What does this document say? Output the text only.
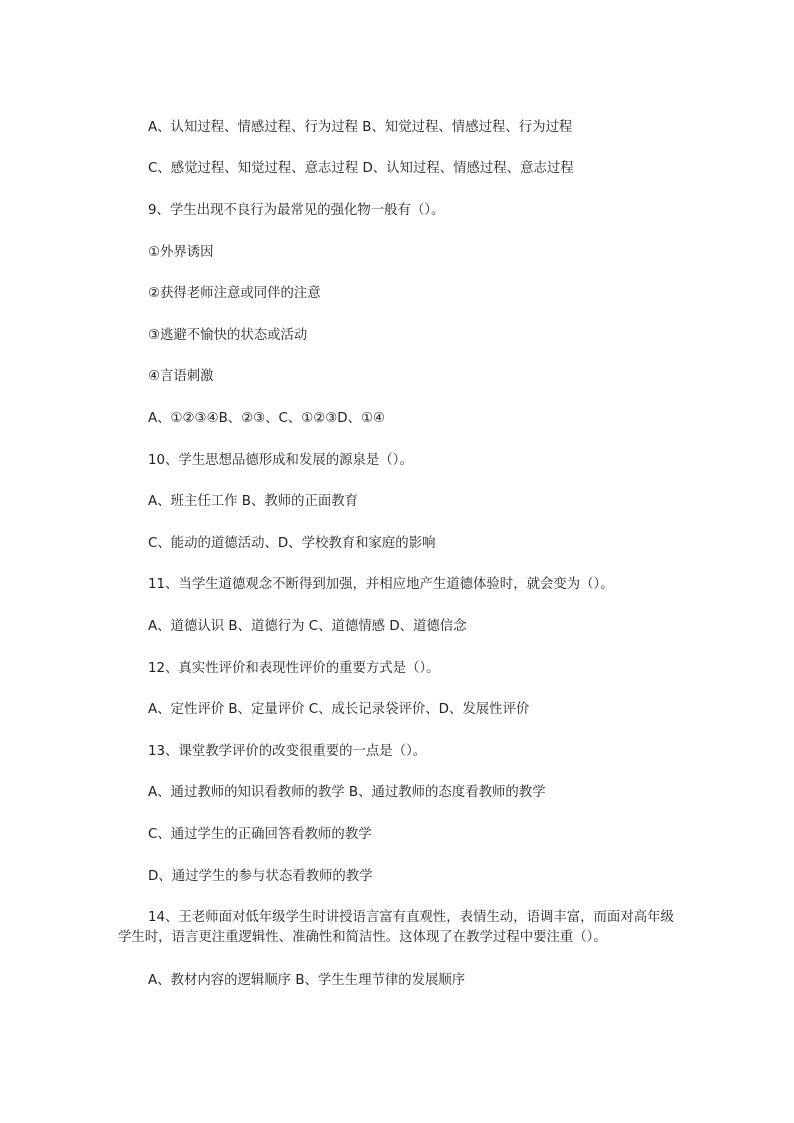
A、认知过程、情感过程、行为过程 B、知觉过程、情感过程、行为过程
C、感觉过程、知觉过程、意志过程 D、认知过程、情感过程、意志过程
9、学生出现不良行为最常见的强化物一般有（）。
①外界诱因
②获得老师注意或同伴的注意
③逃避不愉快的状态或活动
④言语刺激
A、①②③④B、②③、C、①②③D、①④
10、学生思想品德形成和发展的源泉是（）。
A、班主任工作 B、教师的正面教育
C、能动的道德活动、D、学校教育和家庭的影响
11、当学生道德观念不断得到加强，并相应地产生道德体验时，就会变为（）。
A、道德认识 B、道德行为 C、道德情感 D、道德信念
12、真实性评价和表现性评价的重要方式是（）。
A、定性评价 B、定量评价 C、成长记录袋评价、D、发展性评价
13、课堂教学评价的改变很重要的一点是（）。
A、通过教师的知识看教师的教学 B、通过教师的态度看教师的教学
C、通过学生的正确回答看教师的教学
D、通过学生的参与状态看教师的教学
14、王老师面对低年级学生时讲授语言富有直观性，表情生动，语调丰富，而面对高年级学生时，语言更注重逻辑性、准确性和简洁性。这体现了在教学过程中要注重（）。
A、教材内容的逻辑顺序 B、学生生理节律的发展顺序
